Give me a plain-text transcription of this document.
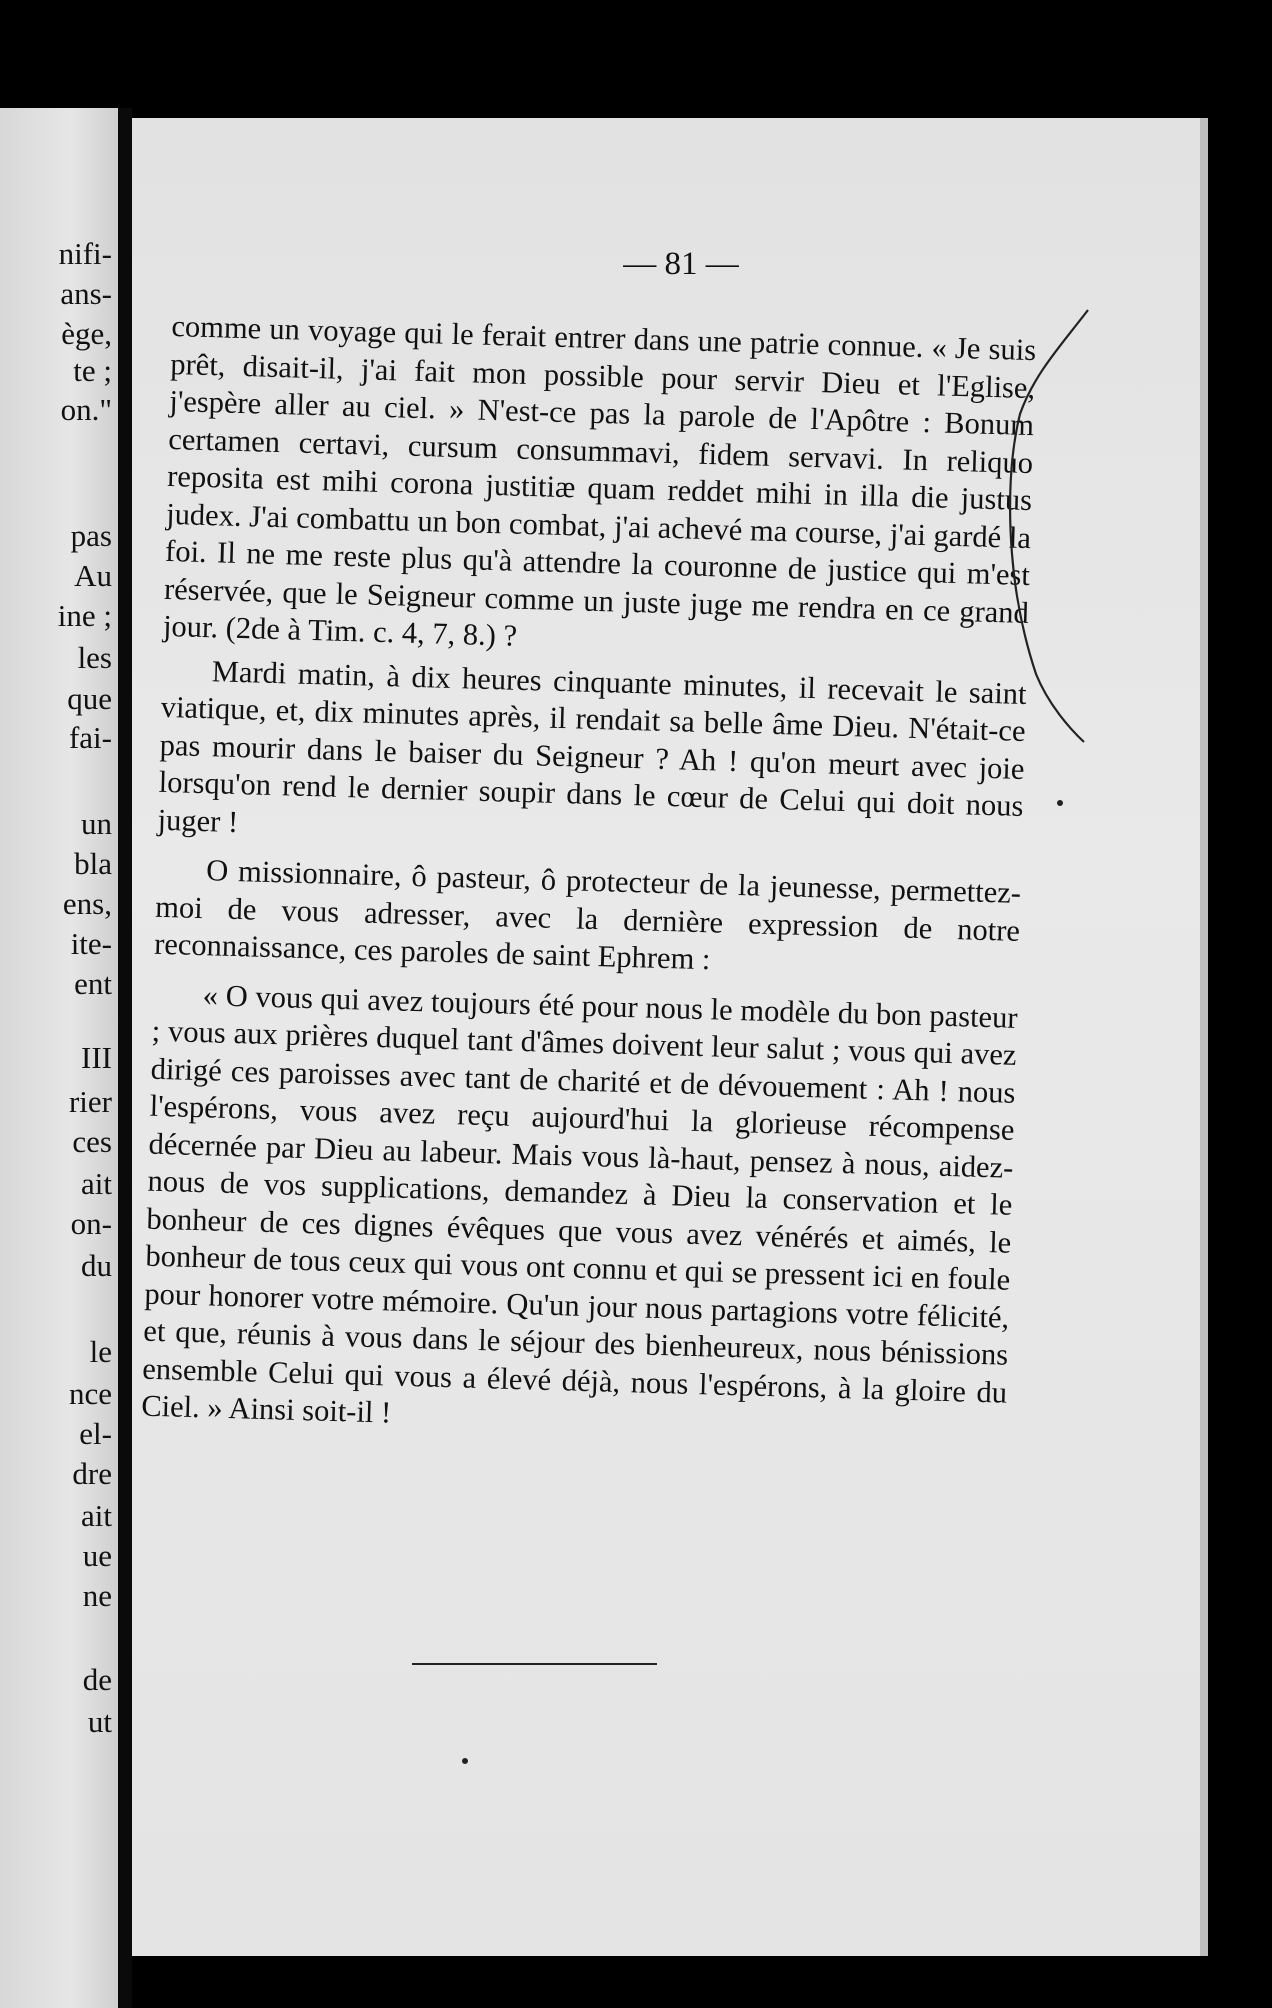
nifi-
ans-
ège,
te ;
on."
pas
Au
ine ;
les
que
fai-
un
bla
ens,
ite-
ent
III
rier
ces
ait
on-
du
le
nce
el-
dre
ait
ue
ne
de
ut
— 81 —

comme un voyage qui le ferait entrer dans une patrie connue. « Je suis prêt, disait-il, j'ai fait mon possible pour servir Dieu et l'Eglise, j'espère aller au ciel. » N'est-ce pas la parole de l'Apôtre : Bonum certamen certavi, cursum consummavi, fidem servavi. In reliquo reposita est mihi corona justitiæ quam reddet mihi in illa die justus judex. J'ai combattu un bon combat, j'ai achevé ma course, j'ai gardé la foi. Il ne me reste plus qu'à attendre la couronne de justice qui m'est réservée, que le Seigneur comme un juste juge me rendra en ce grand jour. (2de à Tim. c. 4, 7, 8.) ?

Mardi matin, à dix heures cinquante minutes, il recevait le saint viatique, et, dix minutes après, il rendait sa belle âme Dieu. N'était-ce pas mourir dans le baiser du Seigneur ? Ah ! qu'on meurt avec joie lorsqu'on rend le dernier soupir dans le cœur de Celui qui doit nous juger !

O missionnaire, ô pasteur, ô protecteur de la jeunesse, permettez-moi de vous adresser, avec la dernière expression de notre reconnaissance, ces paroles de saint Ephrem :

« O vous qui avez toujours été pour nous le modèle du bon pasteur ; vous aux prières duquel tant d'âmes doivent leur salut ; vous qui avez dirigé ces paroisses avec tant de charité et de dévouement : Ah ! nous l'espérons, vous avez reçu aujourd'hui la glorieuse récompense décernée par Dieu au labeur. Mais vous là-haut, pensez à nous, aidez-nous de vos supplications, demandez à Dieu la conservation et le bonheur de ces dignes évêques que vous avez vénérés et aimés, le bonheur de tous ceux qui vous ont connu et qui se pressent ici en foule pour honorer votre mémoire. Qu'un jour nous partagions votre félicité, et que, réunis à vous dans le séjour des bienheureux, nous bénissions ensemble Celui qui vous a élevé déjà, nous l'espérons, à la gloire du Ciel. » Ainsi soit-il !
